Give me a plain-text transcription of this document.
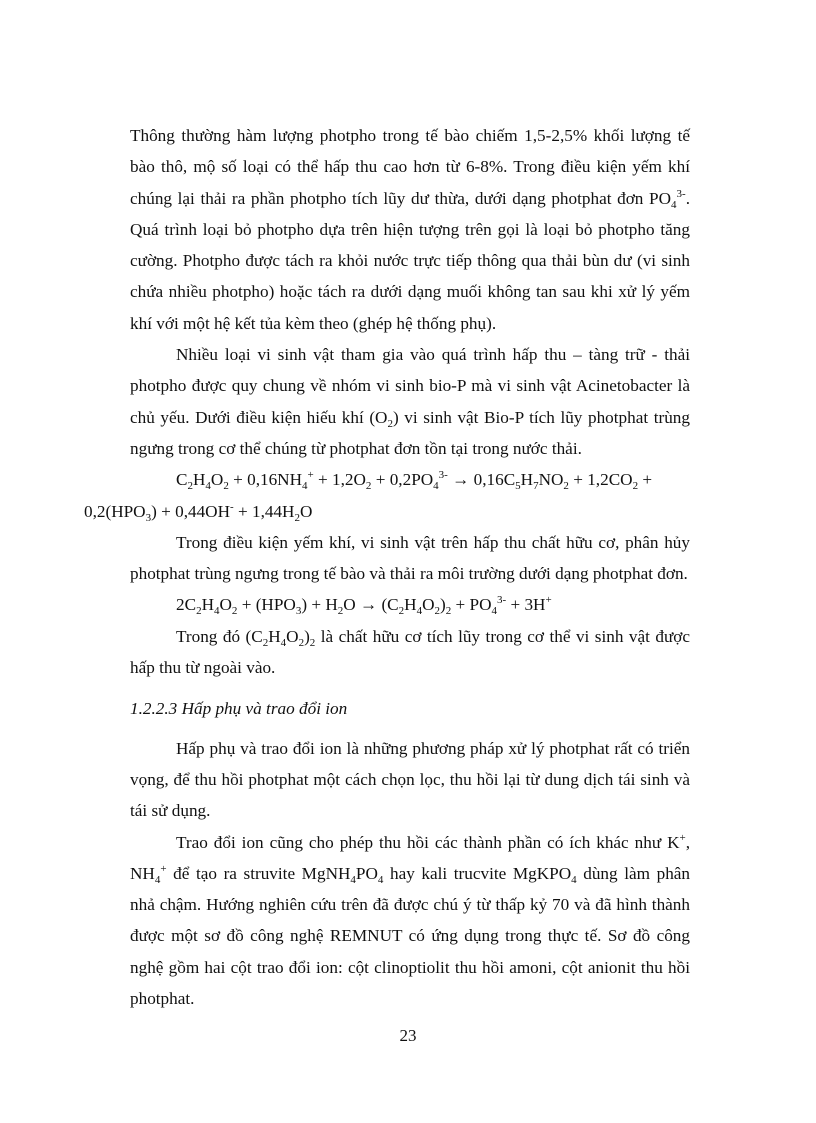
Thông thường hàm lượng photpho trong tế bào chiếm 1,5-2,5% khối lượng tế bào thô, mộ số loại có thể hấp thu cao hơn từ 6-8%. Trong điều kiện yếm khí chúng lại thải ra phần photpho tích lũy dư thừa, dưới dạng photphat đơn $PO_4^{3-}$. Quá trình loại bỏ photpho dựa trên hiện tượng trên gọi là loại bỏ photpho tăng cường. Photpho được tách ra khỏi nước trực tiếp thông qua thải bùn dư (vi sinh chứa nhiều photpho) hoặc tách ra dưới dạng muối không tan sau khi xử lý yếm khí với một hệ kết tủa kèm theo (ghép hệ thống phụ).

Nhiều loại vi sinh vật tham gia vào quá trình hấp thu – tàng trữ - thải photpho được quy chung về nhóm vi sinh bio-P mà vi sinh vật Acinetobacter là chủ yếu. Dưới điều kiện hiếu khí $(O_2)$ vi sinh vật Bio-P tích lũy photphat trùng ngưng trong cơ thể chúng từ photphat đơn tồn tại trong nước thải.

$C_2H_4O_2 + 0,16NH_4^+ + 1,2O_2 + 0,2PO_4^{3-} \to 0,16C_5H_7NO_2 + 1,2CO_2$ +
$0,2(HPO_3) + 0,44OH^- + 1,44H_2O$

Trong điều kiện yếm khí, vi sinh vật trên hấp thu chất hữu cơ, phân hủy photphat trùng ngưng trong tế bào và thải ra môi trường dưới dạng photphat đơn.

$2C_2H_4O_2 + (HPO_3) + H_2O \to (C_2H_4O_2)_2 + PO_4^{3-} + 3H^+$

Trong đó $(C_2H_4O_2)_2$ là chất hữu cơ tích lũy trong cơ thể vi sinh vật được hấp thu từ ngoài vào.

1.2.2.3 Hấp phụ và trao đổi ion

Hấp phụ và trao đổi ion là những phương pháp xử lý photphat rất có triển vọng, để thu hồi photphat một cách chọn lọc, thu hồi lại từ dung dịch tái sinh và tái sử dụng.

Trao đổi ion cũng cho phép thu hồi các thành phần có ích khác như K+, $NH_4^+$ để tạo ra struvite $MgNH_4PO_4$ hay kali trucvite MgKPO$_4$ dùng làm phân nhả chậm. Hướng nghiên cứu trên đã được chú ý từ thấp kỷ 70 và đã hình thành được một sơ đồ công nghệ REMNUT có ứng dụng trong thực tế. Sơ đồ công nghệ gồm hai cột trao đổi ion: cột clinoptiolit thu hồi amoni, cột anionit thu hồi photphat.

23
